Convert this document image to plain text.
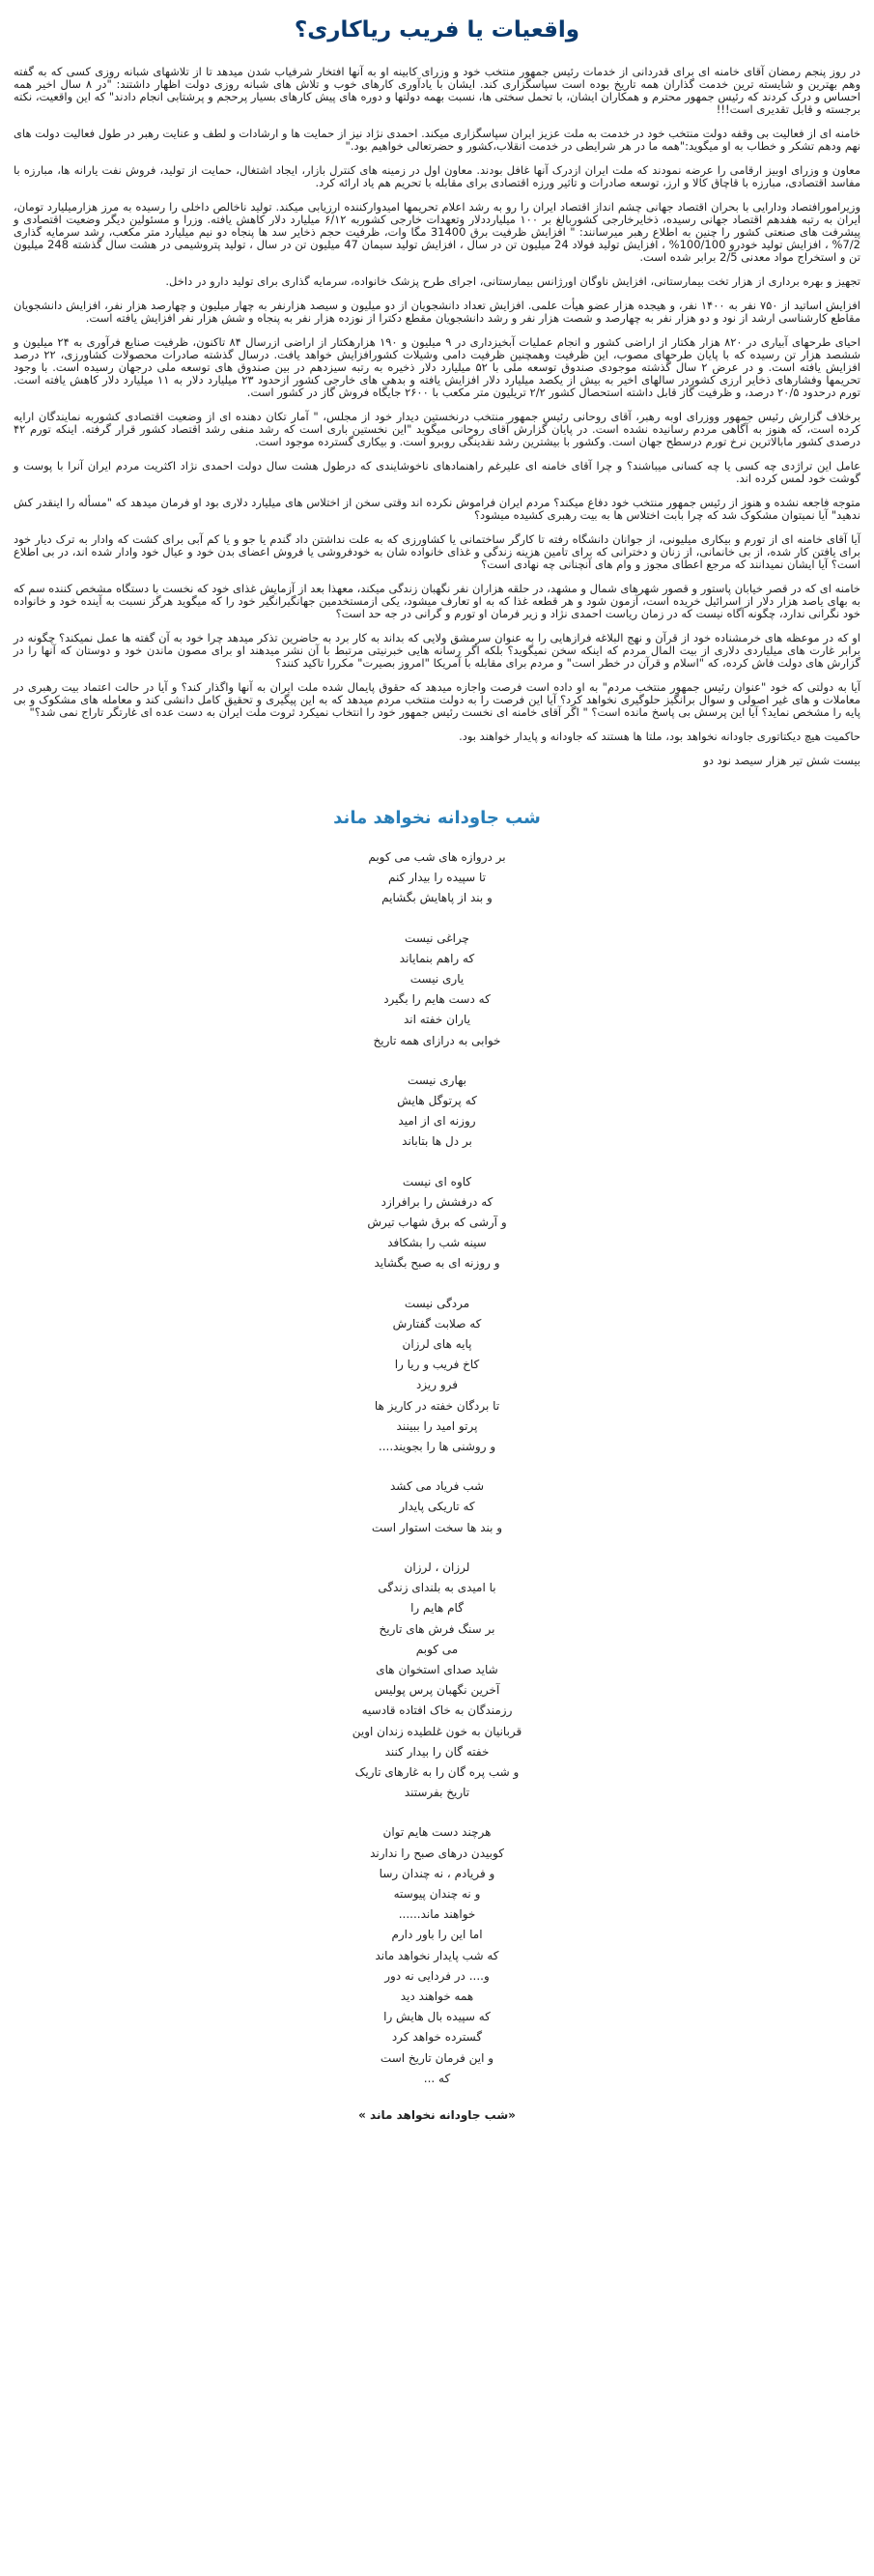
واقعیات یا فریب ریاکاری؟

در روز پنجم رمضان آقای خامنه ای برای قدردانی از خدمات رئیس جمهور منتخب خود و وزرای کابینه او به آنها افتخار شرفیاب شدن میدهد تا از تلاشهای شبانه روزی کسی که به گفته وهم بهترین و شایسته ترین خدمت گذاران همه تاریخ بوده است سپاسگزاری کند. ایشان با یادآوری کارهای خوب و تلاش های شبانه روزی دولت اظهار داشتند: "در ۸ سال اخیر همه احساس و درک کردند که رئیس جمهور محترم و همکاران ایشان، با تحمل سختی ها، نسبت بهمه دولتها و دوره های پیش کارهای بسیار پرحجم و پرشتابی انجام دادند" که این واقعیت، نکته برجسته و قابل تقدیری است!!!

خامنه ای از فعالیت بی وقفه دولت منتخب خود در خدمت به ملت عزیز ایران سپاسگزاری میکند. احمدی نژاد نیز از حمایت ها و ارشادات و لطف و عنایت رهبر در طول فعالیت دولت های نهم ودهم تشکر و خطاب به او میگوید:"همه ما در هر شرایطی در خدمت انقلاب،کشور و حضرتعالی خواهیم بود."

معاون و وزرای اوبیز ارقامی را عرضه نمودند که ملت ایران ازدرک آنها غافل بودند. معاون اول در زمینه های کنترل بازار، ایجاد اشتغال، حمایت از تولید، فروش نفت یارانه ها، مبارزه با مفاسد اقتصادی، مبارزه با قاچاق کالا و ارز، توسعه صادرات و تاثیر ورزه اقتصادی برای مقابله با تحریم هم یاد ارائه کرد.

وزیرامورافتصاد ودارایی با بحران اقتصاد جهانی چشم انداز اقتصاد ایران را رو به رشد اعلام تحریمها امیدوارکننده ارزیابی میکند. تولید ناخالص داخلی را رسیده به مرز هزارمیلیارد تومان، ایران به رتبه هفدهم اقتصاد جهانی رسیده، ذخایرخارجی کشوربالغ بر ۱۰۰ میلیارددلار وتعهدات خارجی کشوربه ۶/۱۲ میلیارد دلار کاهش یافته. وزرا و مسئولین دیگر وضعیت اقتصادی و پیشرفت های صنعتی کشور را چنین به اطلاع رهبر میرسانند: " افزایش ظرفیت برق 31400 مگا وات، ظرفیت حجم ذخایر سد ها پنجاه دو نیم میلیارد متر مکعب، رشد سرمایه گذاری 7/2% ، افزایش تولید خودرو 100/100% ، افزایش تولید فولاد 24 میلیون تن در سال ، افزایش تولید سیمان 47 میلیون تن در سال ، تولید پتروشیمی در هشت سال گذشته 248 میلیون تن و استخراج مواد معدنی 2/5 برابر شده است.

تجهیز و بهره برداری از هزار تخت بیمارستانی، افزایش ناوگان اورژانس بیمارستانی، اجرای طرح پزشک خانواده، سرمایه گذاری برای تولید دارو در داخل.

افزایش اساتید از ۷۵۰ نفر به ۱۴۰۰ نفر، و هیجده هزار عضو هیأت علمی. افزایش تعداد دانشجویان از دو میلیون و سیصد هزارنفر به چهار میلیون و چهارصد هزار نفر، افزایش دانشجویان مقاطع کارشناسی ارشد از نود و دو هزار نفر به چهارصد و شصت هزار نفر و رشد دانشجویان مقطع دکترا از نوزده هزار نفر به پنجاه و شش هزار نفر افزایش یافته است.

احیای طرحهای آبیاری در ۸۲۰ هزار هکتار از اراضی کشور و انجام عملیات آبخیزداری در ۹ میلیون و ۱۹۰ هزارهکتار از اراضی ازرسال ۸۴ تاکنون، ظرفیت صنایع فرآوری به ۲۴ میلیون و ششصد هزار تن رسیده که با پایان طرحهای مصوب، این ظرفیت وهمچنین ظرفیت دامی وشیلات کشورافزایش خواهد یافت. درسال گذشته صادرات محصولات کشاورزی، ۲۲ درصد افزایش یافته است. و در عرض ۲ سال گذشته موجودی صندوق توسعه ملی با ۵۲ میلیارد دلار ذخیره به رتبه سیزدهم در بین صندوق های توسعه ملی درجهان رسیده است. با وجود تحریمها وفشارهای ذخایر ارزی کشوردر سالهای اخیر به بیش از یکصد میلیارد دلار افزایش یافته و بدهی های خارجی کشور ازحدود ۲۳ میلیارد دلار به ۱۱ میلیارد دلار کاهش یافته است. تورم درحدود ۲۰/۵ درصد، و ظرفیت گاز قابل داشته استحصال کشور ۲/۲ تریلیون متر مکعب با ۲۶۰۰ جایگاه فروش گاز در کشور است.

برخلاف گزارش رئیس جمهور ووزرای اوبه رهبر، آقای روحانی رئیس جمهور منتخب درنخستین دیدار خود از مجلس، " آمار تکان دهنده ای از وضعیت اقتصادی کشوربه نمایندگان ارایه کرده است، که هنوز به آگاهی مردم رسانیده نشده است. در پایان گزارش آقای روحانی میگوید "این نخستین باری است که رشد منفی رشد اقتصاد کشور قرار گرفته. اینکه تورم ۴۲ درصدی کشور مابالاترین نرخ تورم درسطح جهان است. وکشور با بیشترین رشد نقدینگی روبرو است. و بیکاری گسترده موجود است.

عامل این تراژدی چه کسی یا چه کسانی میباشند؟ و چرا آقای خامنه ای علیرغم راهنمادهای ناخوشایندی که درطول هشت سال دولت احمدی نژاد اکثریت مردم ایران آنرا با پوست و گوشت خود لمس کرده اند.

متوجه فاجعه نشده و هنوز از رئیس جمهور منتخب خود دفاع میکند؟ مردم ایران فراموش نکرده اند وقتی سخن از اختلاس های میلیارد دلاری بود او فرمان میدهد که "مسأله را اینقدر کش ندهید" آیا نمیتوان مشکوک شد که چرا بابت اختلاس ها به بیت رهبری کشیده میشود؟

آیا آقای خامنه ای از تورم و بیکاری میلیونی، از جوانان دانشگاه رفته تا کارگر ساختمانی یا کشاورزی که به علت نداشتن داد گندم یا جو و یا کم آبی برای کشت که وادار به ترک دیار خود برای یافتن کار شده، از بی خانمانی، از زنان و دخترانی که برای تامین هزینه زندگی و غذای خانواده شان به خودفروشی یا فروش اعضای بدن خود و عیال خود وادار شده اند، در بی اطلاع است؟ آیا ایشان نمیدانند که مرجع اعطای مجوز و وام های آنچنانی چه نهادی است؟

خامنه ای که در قصر خیابان پاستور و قصور شهرهای شمال و مشهد، در حلقه هزاران نفر نگهبان زندگی میکند، معهذا بعد از آزمایش غذای خود که نخست با دستگاه مشخص کننده سم که به بهای یاصد هزار دلار از اسرائیل خریده است، آزمون شود و هر قطعه غذا که به او تعارف میشود، یکی ازمستخدمین جهانگیرانگیر خود را که میگوید هرگز نسبت به آینده خود و خانواده خود نگرانی ندارد، چگونه آگاه نیست که در زمان ریاست احمدی نژاد و زیر فرمان او تورم و گرانی در جه حد است؟

او که در موعظه های خرمشناده خود از قرآن و نهج البلاغه فرازهایی را به عنوان سرمشق ولایی که بداند به کار برد به حاضرین تذکر میدهد چرا خود به آن گفته ها عمل نمیکند؟ چگونه در برابر غارت های میلیاردی دلاری از بیت المال مردم که اینکه سخن نمیگوید؟ بلکه اگر رسانه هایی خبرنیتی مرتبط با آن نشر میدهند او برای مصون ماندن خود و دوستان که آنها را در گزارش های دولت فاش کرده، که "اسلام و قرآن در خطر است" و مردم برای مقابله با آمریکا "امروز بصیرت" مکررا تاکید کنند؟

آیا به دولتی که خود "عنوان رئیس جمهور منتخب مردم" به او داده است فرصت واجازه میدهد که حقوق پایمال شده ملت ایران به آنها واگذار کند؟ و آیا در حالت اعتماد بیت رهبری در معاملات و های غیر اصولی و سوال برانگیز حلوگیری نخواهد کرد؟ آیا این فرصت را به دولت منتخب مردم میدهد که به این پیگیری و تحقیق کامل دانشی کند و معامله های مشکوک و بی پایه را مشخص نماید؟ آیا این پرسش بی پاسخ مانده است؟ " اگر آقای خامنه ای نخست رئیس جمهور خود را انتخاب نمیکرد ثروت ملت ایران به دست عده ای غارتگر تاراج نمی شد؟"

حاکمیت هیچ دیکتاتوری جاودانه نخواهد بود، ملتا ها هستند که جاودانه و پایدار خواهند بود.

بیست شش تیر هزار سیصد نود دو

شب جاودانه نخواهد ماند
بر دروازه های شب می کوبم
تا سپیده را بیدار کنم
و بند از پاهایش بگشایم
چراغی نیست
که راهم بنمایاند
یاری نیست
که دست هایم را بگیرد
یاران خفته اند
خوابی به درازای همه تاریخ
بهاری نیست
که پرتوگل هایش
روزنه ای از امید
بر دل ها بتاباند
کاوه ای نیست
که درفشش را برافرازد
و آرشی که برق شهاب تیرش
سینه شب را بشکافد
و روزنه ای به صبح بگشاید
مردگی نیست
که صلابت گفتارش
پایه های لرزان
کاخ فریب و ریا را
فرو ریزد
تا بردگان خفته در کاریز ها
پرتو امید را ببینند
و روشنی ها را بجویند....
شب فریاد می کشد
که تاریکی پایدار
و بند ها سخت استوار است
لرزان ، لرزان
با امیدی به بلندای زندگی
گام هایم را
بر سنگ فرش های تاریخ
می کوبم
شاید صدای استخوان های
آخرین نگهبان پرس پولیس
رزمندگان به خاک افتاده قادسیه
قربانیان به خون غلطیده زندان اوین
خفته گان را بیدار کنند
و شب پره گان را به غارهای تاریک
تاریخ بفرستند
هرچند دست هایم توان
کوبیدن درهای صبح را ندارند
و فریادم ، نه چندان رسا
و نه چندان پیوسته
خواهند ماند......
اما این را باور دارم
که شب پایدار نخواهد ماند
و.... در فردایی نه دور
همه خواهند دید
که سپیده بال هایش را
گسترده خواهد کرد
و این فرمان تاریخ است
که ...
«شب جاودانه نخواهد ماند »
